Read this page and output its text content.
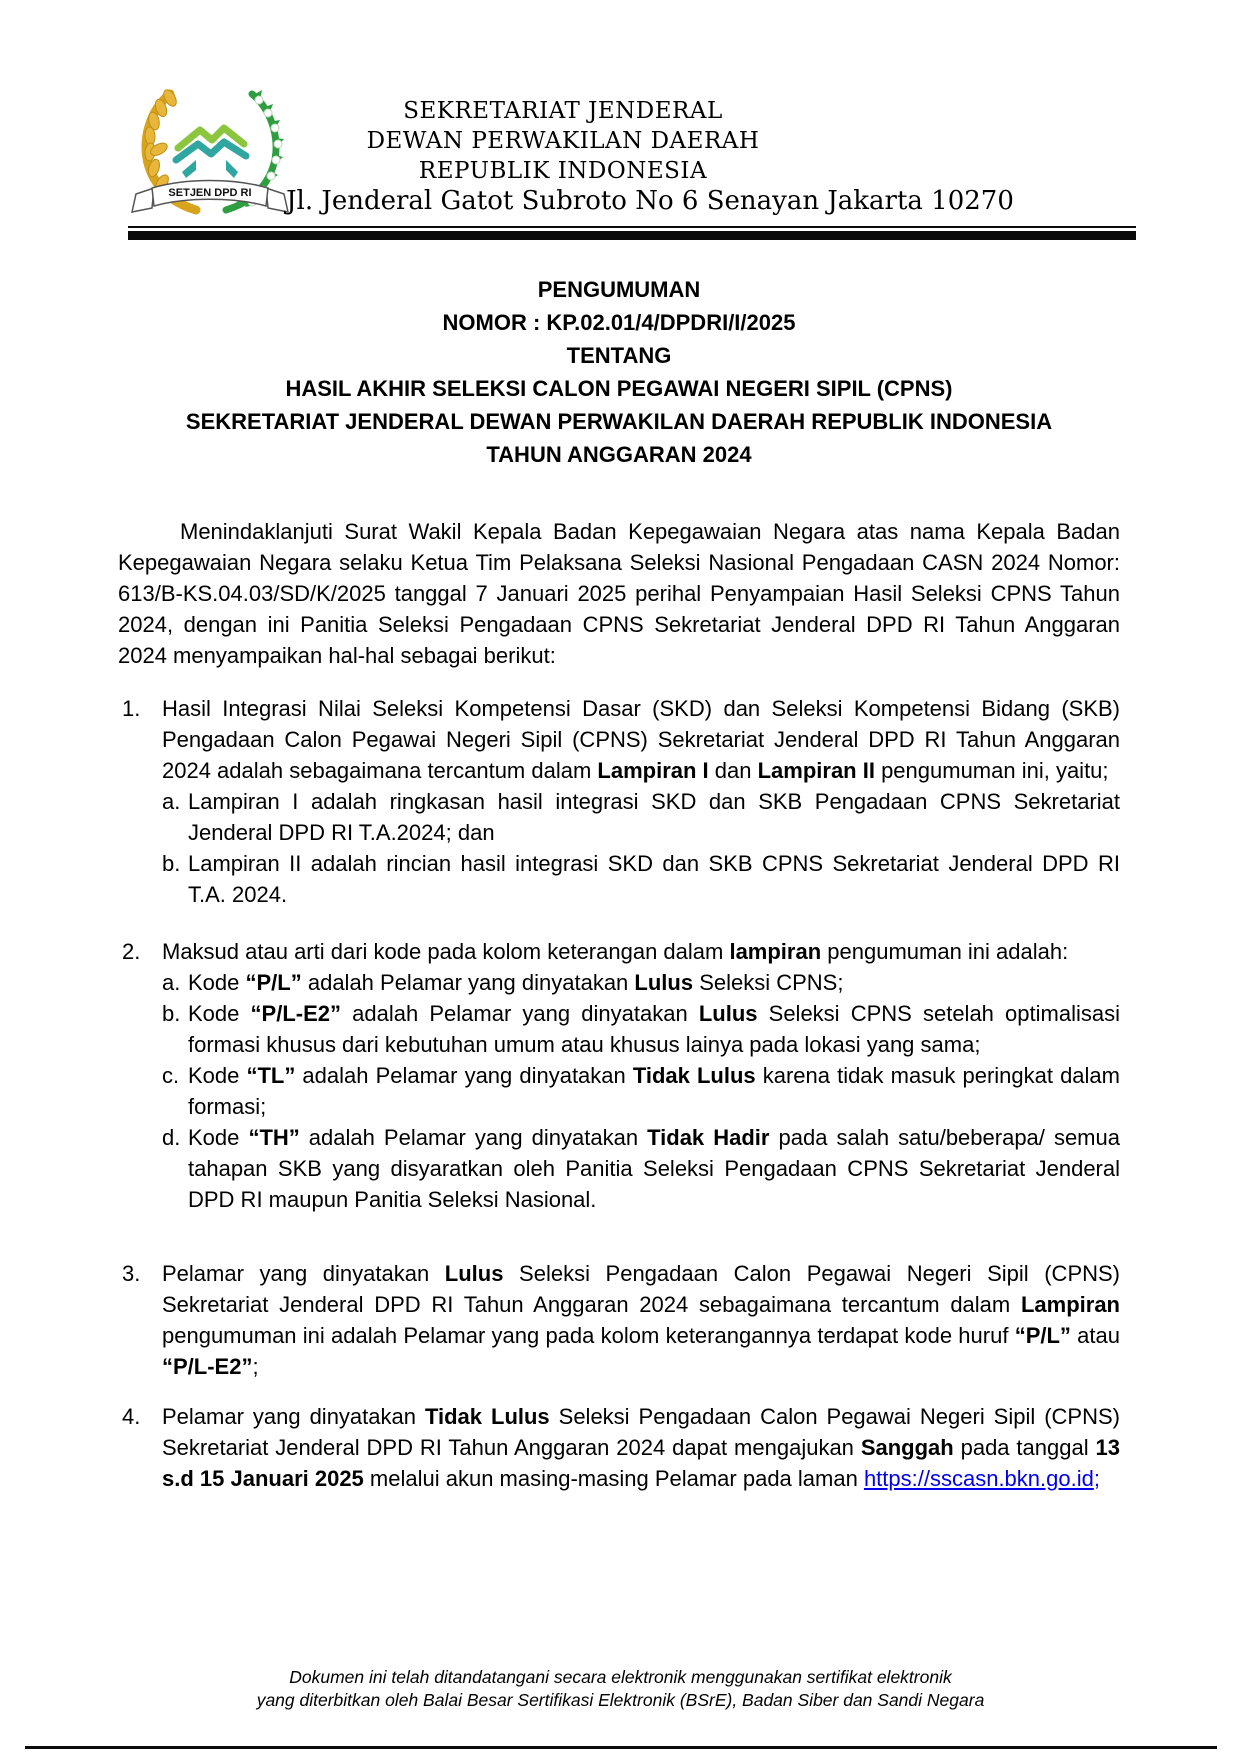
SETJEN DPD RI
SEKRETARIAT JENDERAL
DEWAN PERWAKILAN DAERAH
REPUBLIK INDONESIA
Jl. Jenderal Gatot Subroto No 6 Senayan Jakarta 10270
PENGUMUMAN
NOMOR : KP.02.01/4/DPDRI/I/2025
TENTANG
HASIL AKHIR SELEKSI CALON PEGAWAI NEGERI SIPIL (CPNS)
SEKRETARIAT JENDERAL DEWAN PERWAKILAN DAERAH REPUBLIK INDONESIA
TAHUN ANGGARAN 2024

Menindaklanjuti Surat Wakil Kepala Badan Kepegawaian Negara atas nama Kepala Badan Kepegawaian Negara selaku Ketua Tim Pelaksana Seleksi Nasional Pengadaan CASN 2024 Nomor: 613/B-KS.04.03/SD/K/2025 tanggal 7 Januari 2025 perihal Penyampaian Hasil Seleksi CPNS Tahun 2024, dengan ini Panitia Seleksi Pengadaan CPNS Sekretariat Jenderal DPD RI Tahun Anggaran 2024 menyampaikan hal-hal sebagai berikut:

1. Hasil Integrasi Nilai Seleksi Kompetensi Dasar (SKD) dan Seleksi Kompetensi Bidang (SKB) Pengadaan Calon Pegawai Negeri Sipil (CPNS) Sekretariat Jenderal DPD RI Tahun Anggaran 2024 adalah sebagaimana tercantum dalam Lampiran I dan Lampiran II pengumuman ini, yaitu;
a. Lampiran I adalah ringkasan hasil integrasi SKD dan SKB Pengadaan CPNS Sekretariat Jenderal DPD RI T.A.2024; dan
b. Lampiran II adalah rincian hasil integrasi SKD dan SKB CPNS Sekretariat Jenderal DPD RI T.A. 2024.
2. Maksud atau arti dari kode pada kolom keterangan dalam lampiran pengumuman ini adalah:
a. Kode “P/L” adalah Pelamar yang dinyatakan Lulus Seleksi CPNS;
b. Kode “P/L-E2” adalah Pelamar yang dinyatakan Lulus Seleksi CPNS setelah optimalisasi formasi khusus dari kebutuhan umum atau khusus lainya pada lokasi yang sama;
c. Kode “TL” adalah Pelamar yang dinyatakan Tidak Lulus karena tidak masuk peringkat dalam formasi;
d. Kode “TH” adalah Pelamar yang dinyatakan Tidak Hadir pada salah satu/beberapa/ semua tahapan SKB yang disyaratkan oleh Panitia Seleksi Pengadaan CPNS Sekretariat Jenderal DPD RI maupun Panitia Seleksi Nasional.
3. Pelamar yang dinyatakan Lulus Seleksi Pengadaan Calon Pegawai Negeri Sipil (CPNS) Sekretariat Jenderal DPD RI Tahun Anggaran 2024 sebagaimana tercantum dalam Lampiran pengumuman ini adalah Pelamar yang pada kolom keterangannya terdapat kode huruf “P/L” atau “P/L-E2”;
4. Pelamar yang dinyatakan Tidak Lulus Seleksi Pengadaan Calon Pegawai Negeri Sipil (CPNS) Sekretariat Jenderal DPD RI Tahun Anggaran 2024 dapat mengajukan Sanggah pada tanggal 13 s.d 15 Januari 2025 melalui akun masing-masing Pelamar pada laman https://sscasn.bkn.go.id;
Dokumen ini telah ditandatangani secara elektronik menggunakan sertifikat elektronik
yang diterbitkan oleh Balai Besar Sertifikasi Elektronik (BSrE), Badan Siber dan Sandi Negara
